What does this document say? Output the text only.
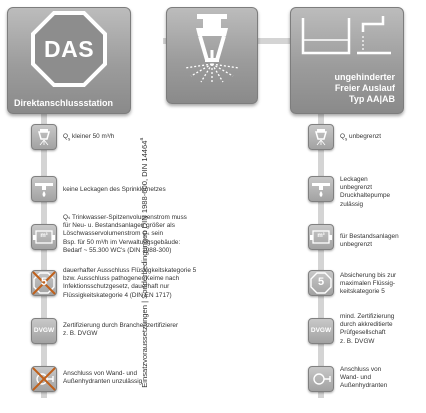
DAS
Direktanschlussstation
ungehinderter
Freier Auslauf
Typ AA|AB
Einsatzvoraussetzungen | Sonderbedingungen DIN 1988-600, DIN 14464$^a$
$Q_s$ kleiner 50 m³/h
keine Leckagen des Sprinklernetzes
m³
Qₛ Trinkwasser-Spitzenvolumenstrom muss
für Neu- u. Bestandsanlagen größer als
Löschwasservolumenstrom Qₛ sein
Bsp. für 50 m³/h im Verwaltungsgebäude:
Bedarf ~ 55.300 WC's (DIN 1988-300)
5
dauerhafter Ausschluss Flüssigkeitskategorie 5
bzw. Ausschluss pathogener Keime nach
Infektionsschutzgesetz, dauerhaft nur
Flüssigkeitskategorie 4 (DIN EN 1717)
DVGW
Zertifizierung durch Branchenzertifizierer
z. B. DVGW
Anschluss von Wand- und
Außenhydranten unzulässig
$Q_s$ unbegrenzt
Leckagen
unbegrenzt
Druckhaltepumpe
zulässig
m³	für Bestandsanlagen unbegrenzt
5
Absicherung bis zur
maximalen Flüssig-
keitskategorie 5
DVGW
mind. Zertifizierung
durch akkreditierte
Prüfgesellschaft
z. B. DVGW
Anschluss von
Wand- und
Außenhydranten
